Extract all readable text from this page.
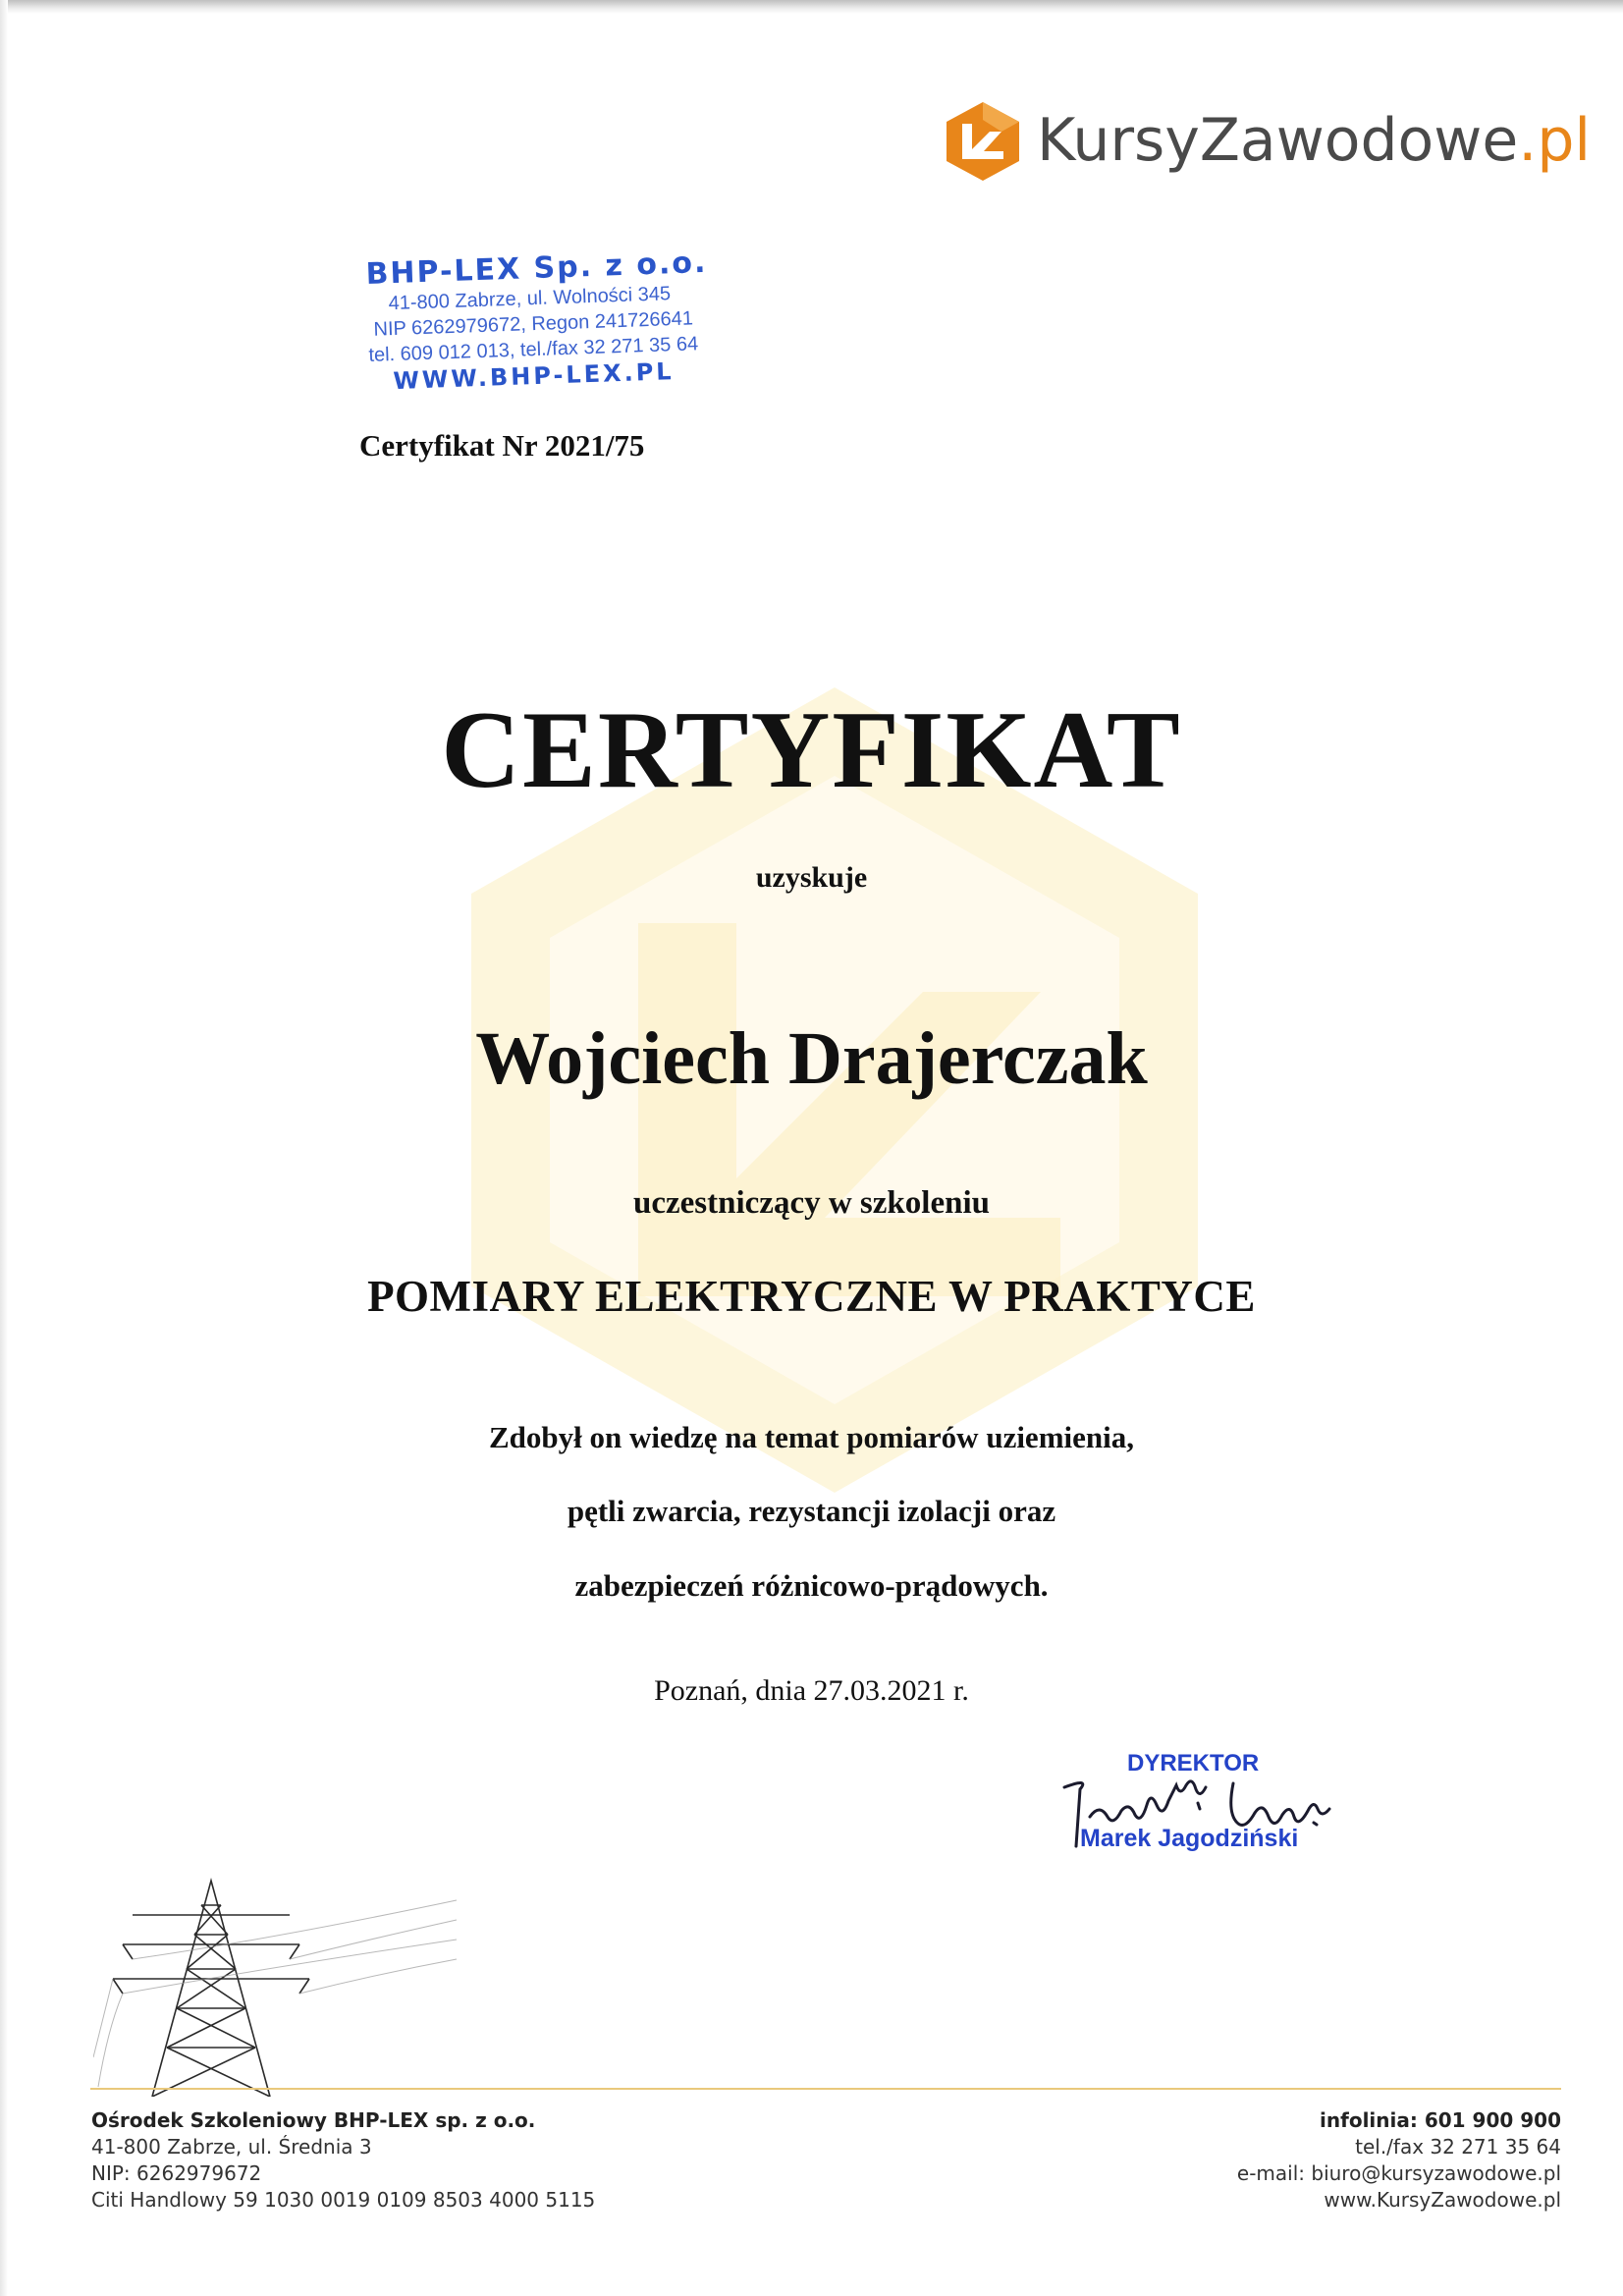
KursyZawodowe.pl
BHP-LEX Sp. z o.o.
41-800 Zabrze, ul. Wolności 345
NIP 6262979672, Regon 241726641
tel. 609 012 013, tel./fax 32 271 35 64
WWW.BHP-LEX.PL
Certyfikat Nr 2021/75
CERTYFIKAT
uzyskuje
Wojciech Drajerczak
uczestniczący w szkoleniu
POMIARY ELEKTRYCZNE W PRAKTYCE
Zdobył on wiedzę na temat pomiarów uziemienia,
pętli zwarcia, rezystancji izolacji oraz
zabezpieczeń różnicowo-prądowych.
Poznań, dnia 27.03.2021 r.
DYREKTOR
Marek Jagodziński
Ośrodek Szkoleniowy BHP-LEX sp. z o.o.
41-800 Zabrze, ul. Średnia 3
NIP: 6262979672
Citi Handlowy 59 1030 0019 0109 8503 4000 5115
infolinia: 601 900 900
tel./fax 32 271 35 64
e-mail: biuro@kursyzawodowe.pl
www.KursyZawodowe.pl
